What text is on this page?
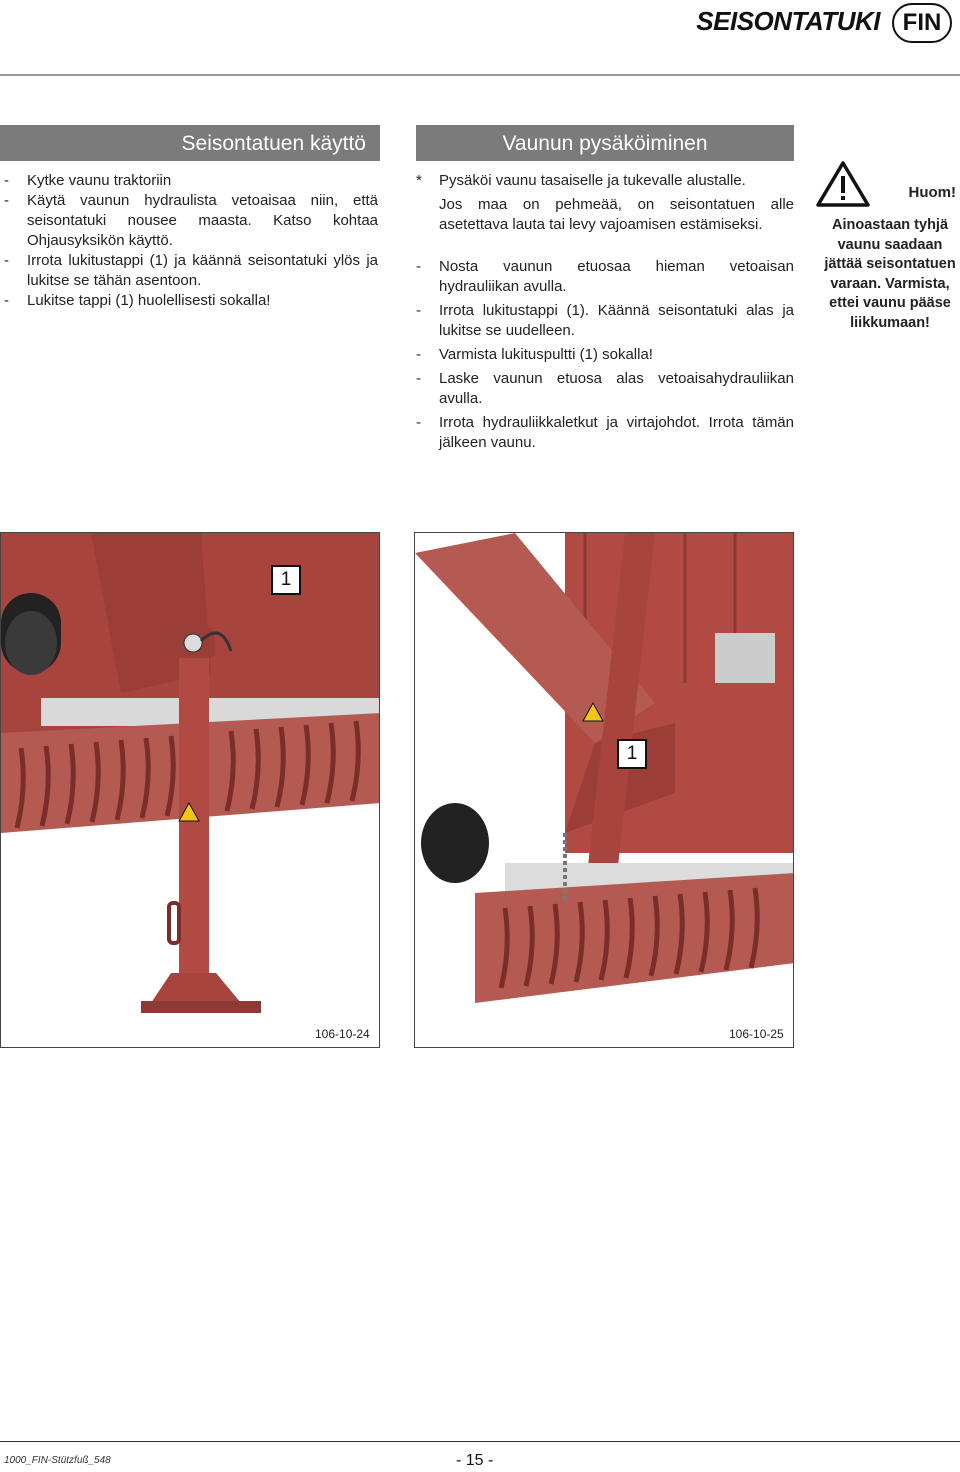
SEISONTATUKI FIN
Seisontatuen käyttö
-	Kytke vaunu traktoriin
-	Käytä vaunun hydraulista vetoaisaa niin, että seisontatuki nousee maasta. Katso kohtaa Ohjausyksikön käyttö.
-	Irrota lukitustappi (1) ja käännä seisontatuki ylös ja lukitse se tähän asentoon.
-	Lukitse tappi (1) huolellisesti sokalla!
Vaunun pysäköiminen
*	Pysäköi vaunu tasaiselle ja tukevalle alustalle.
Jos maa on pehmeää, on seisontatuen alle asetettava lauta tai levy vajoamisen estämiseksi.
-	Nosta vaunun etuosaa hieman vetoaisan hydrauliikan avulla.
-	Irrota lukitustappi (1). Käännä seisontatuki alas ja lukitse se uudelleen.
-	Varmista lukituspultti (1) sokalla!
-	Laske vaunun etuosa alas vetoaisahydrauliikan avulla.
-	Irrota hydrauliikkaletkut ja virtajohdot. Irrota tämän jälkeen vaunu.
Huom!
Ainoastaan tyhjä vaunu saadaan jättää seisontatuen varaan. Varmista, ettei vaunu pääse liikkumaan!
1
106-10-24
1
106-10-25
1000_FIN-Stützfuß_548	- 15 -
